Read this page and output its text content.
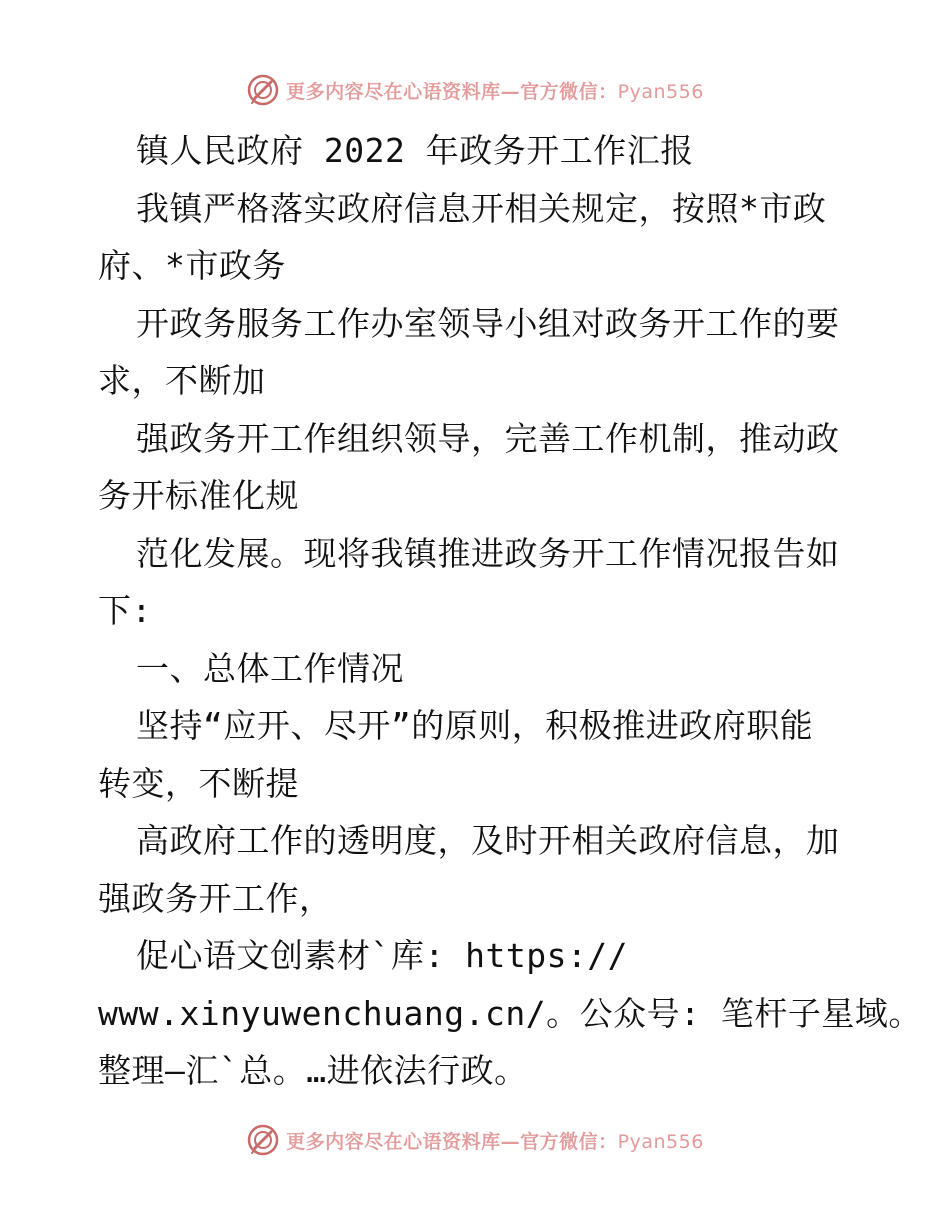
更多内容尽在心语资料库—官方微信：Pyan556
镇人民政府 2022 年政务开工作汇报
我镇严格落实政府信息开相关规定，按照*市政
府、*市政务
开政务服务工作办室领导小组对政务开工作的要
求，不断加
强政务开工作组织领导，完善工作机制，推动政
务开标准化规
范化发展。现将我镇推进政务开工作情况报告如
下:
一、总体工作情况
坚持“应开、尽开”的原则，积极推进政府职能
转变，不断提
高政府工作的透明度，及时开相关政府信息，加
强政务开工作，
促心语文创素材`库: https://
www.xinyuwenchuang.cn/。公众号: 笔杆子星域。
整理—汇`总。…进依法行政。
更多内容尽在心语资料库—官方微信：Pyan556
